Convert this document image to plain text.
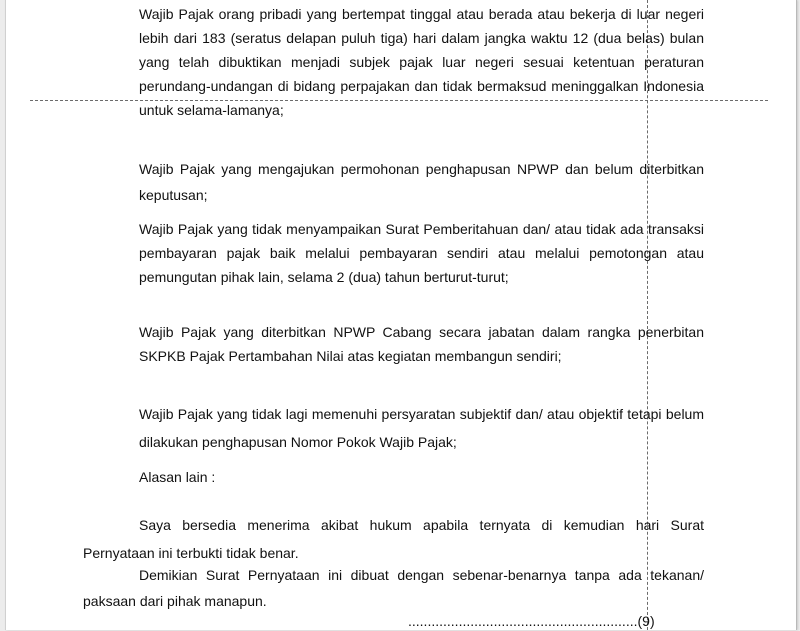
Wajib Pajak orang pribadi yang bertempat tinggal atau berada atau bekerja di luar negeri lebih dari 183 (seratus delapan puluh tiga) hari dalam jangka waktu 12 (dua belas) bulan yang telah dibuktikan menjadi subjek pajak luar negeri sesuai ketentuan peraturan perundang-undangan di bidang perpajakan dan tidak bermaksud meninggalkan Indonesia untuk selama-lamanya;

Wajib Pajak yang mengajukan permohonan penghapusan NPWP dan belum diterbitkan keputusan;

Wajib Pajak yang tidak menyampaikan Surat Pemberitahuan dan/ atau tidak ada transaksi pembayaran pajak baik melalui pembayaran sendiri atau melalui pemotongan atau pemungutan pihak lain, selama 2 (dua) tahun berturut-turut;

Wajib Pajak yang diterbitkan NPWP Cabang secara jabatan dalam rangka penerbitan SKPKB Pajak Pertambahan Nilai atas kegiatan membangun sendiri;

Wajib Pajak yang tidak lagi memenuhi persyaratan subjektif dan/ atau objektif tetapi belum dilakukan penghapusan Nomor Pokok Wajib Pajak;

Alasan lain :

Saya bersedia menerima akibat hukum apabila ternyata di kemudian hari Surat Pernyataan ini terbukti tidak benar.

Demikian Surat Pernyataan ini dibuat dengan sebenar-benarnya tanpa ada tekanan/ paksaan dari pihak manapun.

...........................................................(9)
